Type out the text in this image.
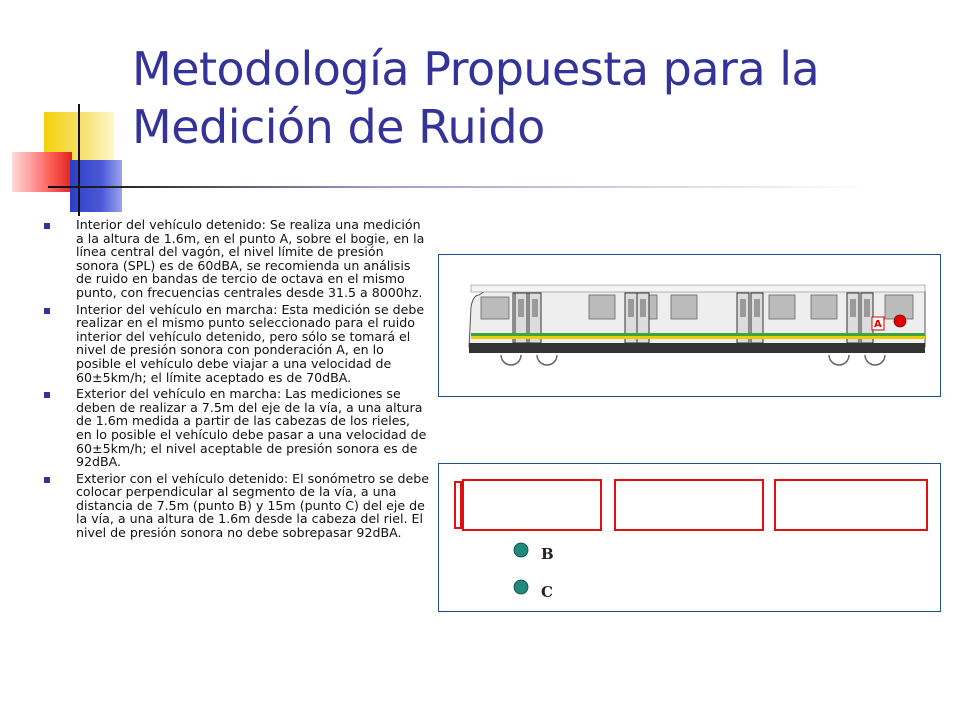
Metodología Propuesta para la Medición de Ruido
Interior del vehículo detenido: Se realiza una medición a la altura de 1.6m, en el punto A, sobre el bogie, en la línea central del vagón, el nivel límite de presión sonora (SPL) es de 60dBA, se recomienda un análisis de ruido en bandas de tercio de octava en el mismo punto, con frecuencias centrales desde 31.5 a 8000hz.
Interior del vehículo en marcha: Esta medición se debe realizar en el mismo punto seleccionado para el ruido interior del vehículo detenido, pero sólo se tomará el nivel de presión sonora con ponderación A, en lo posible el vehículo debe viajar a una velocidad de 60±5km/h; el límite aceptado es de 70dBA.
Exterior del vehículo en marcha: Las mediciones se deben de realizar a 7.5m del eje de la vía, a una altura de 1.6m medida a partir de las cabezas de los rieles, en lo posible el vehículo debe pasar a una velocidad de 60±5km/h; el nivel aceptable de presión sonora es de 92dBA.
Exterior con el vehículo detenido: El sonómetro se debe colocar perpendicular al segmento de la vía, a una distancia de 7.5m (punto B) y 15m (punto C) del eje de la vía, a una altura de 1.6m desde la cabeza del riel. El nivel de presión sonora no debe sobrepasar 92dBA.
A
B
C
